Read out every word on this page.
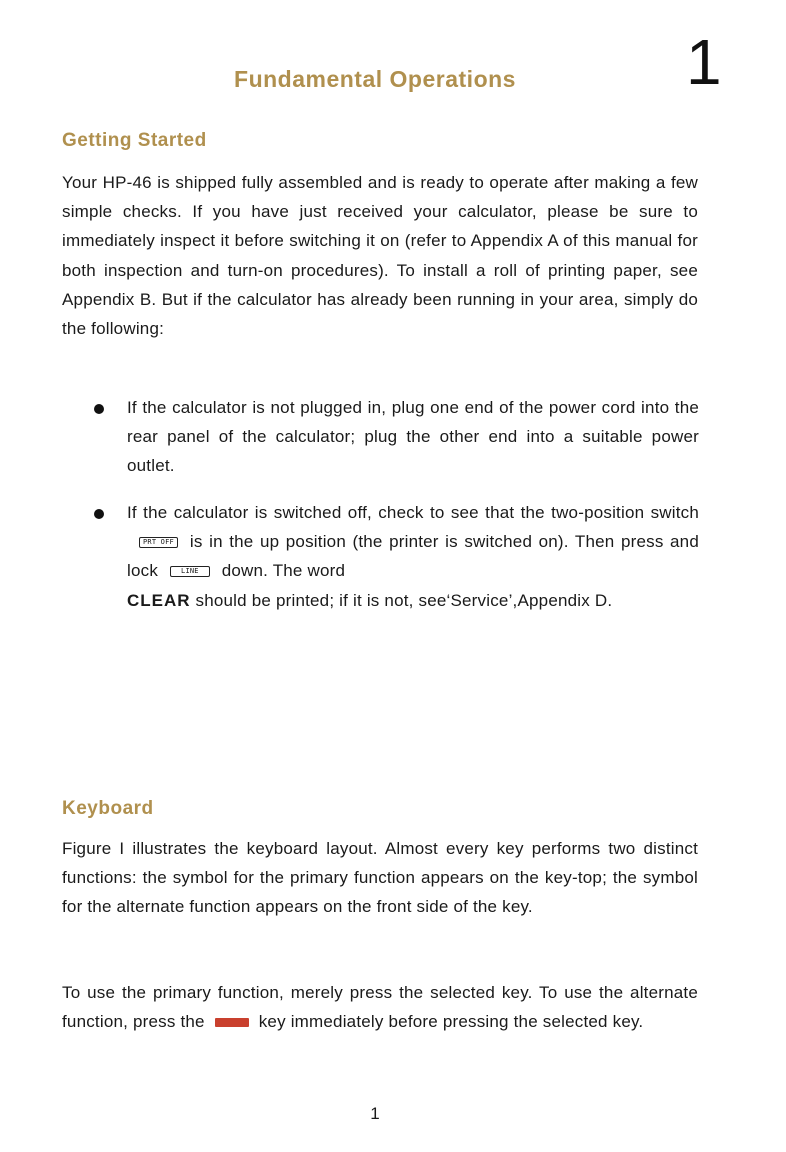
Fundamental Operations	1
Getting Started
Your HP-46 is shipped fully assembled and is ready to operate after making a few simple checks. If you have just received your calculator, please be sure to immediately inspect it before switching it on (refer to Appendix A of this manual for both inspection and turn-on procedures). To install a roll of printing paper, see Appendix B. But if the calculator has already been running in your area, simply do the following:
If the calculator is not plugged in, plug one end of the power cord into the rear panel of the calculator; plug the other end into a suitable power outlet.
If the calculator is switched off, check to see that the two-position switchPRT OFF is in the up position (the printer is switched on). Then press and lock	LINE down. The word
CLEAR should be printed; if it is not, see‘Service’,Appendix D.
Keyboard
Figure I illustrates the keyboard layout. Almost every key performs two distinct functions: the symbol for the primary function appears on the key-top; the symbol for the alternate function appears on the front side of the key.
To use the primary function, merely press the selected key. To use the alternate function, press the	key immediately before pressing the selected key.
1
